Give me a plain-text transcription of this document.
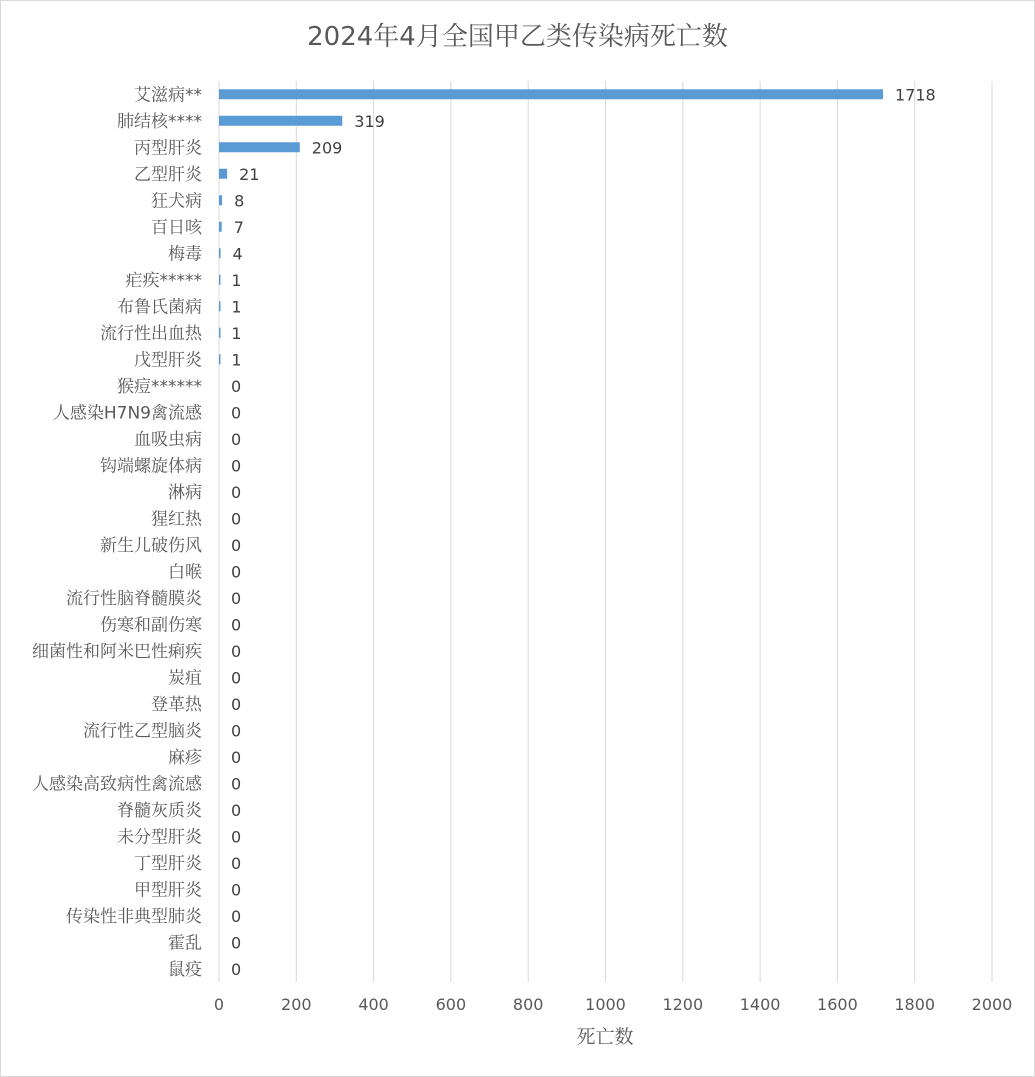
2024年4月全国甲乙类传染病死亡数
艾滋病**
肺结核****
丙型肝炎
乙型肝炎
狂犬病
百日咳
梅毒
疟疾*****
布鲁氏菌病
流行性出血热
戊型肝炎
猴痘******
人感染H7N9禽流感
血吸虫病
钩端螺旋体病
淋病
猩红热
新生儿破伤风
白喉
流行性脑脊髓膜炎
伤寒和副伤寒
细菌性和阿米巴性痢疾
炭疽
登革热
流行性乙型脑炎
麻疹
人感染高致病性禽流感
脊髓灰质炎
未分型肝炎
丁型肝炎
甲型肝炎
传染性非典型肺炎
霍乱
鼠疫
1718
319
209
21
8
7
4
1
1
1
1
0
0
0
0
0
0
0
0
0
0
0
0
0
0
0
0
0
0
0
0
0
0
0
0	200	400	600	800	1000 1200 1400 1600 1800 2000
死亡数
